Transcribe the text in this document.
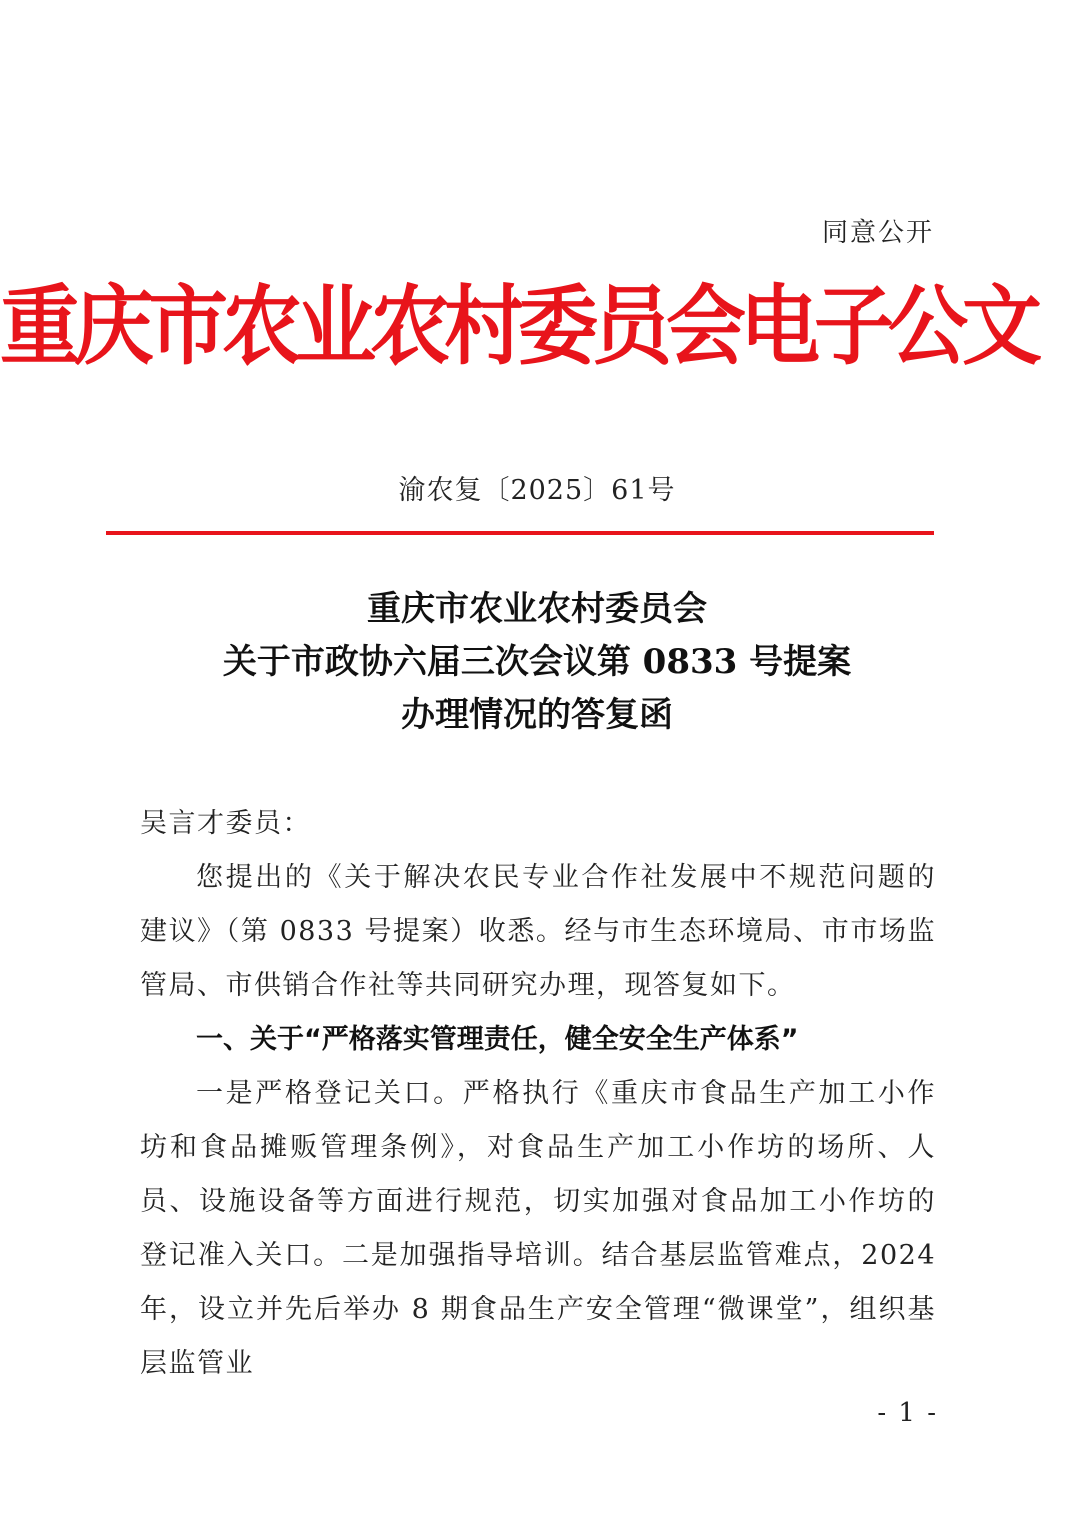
同意公开
重庆市农业农村委员会电子公文
渝农复〔2025〕61号
重庆市农业农村委员会
关于市政协六届三次会议第 0833 号提案
办理情况的答复函

吴言才委员：

您提出的《关于解决农民专业合作社发展中不规范问题的建议》（第 0833 号提案）收悉。经与市生态环境局、市市场监管局、市供销合作社等共同研究办理，现答复如下。

一、关于“严格落实管理责任，健全安全生产体系”

一是严格登记关口。严格执行《重庆市食品生产加工小作坊和食品摊贩管理条例》，对食品生产加工小作坊的场所、人员、设施设备等方面进行规范，切实加强对食品加工小作坊的登记准入关口。二是加强指导培训。结合基层监管难点，2024 年，设立并先后举办 8 期食品生产安全管理“微课堂”，组织基层监管业

- 1 -
